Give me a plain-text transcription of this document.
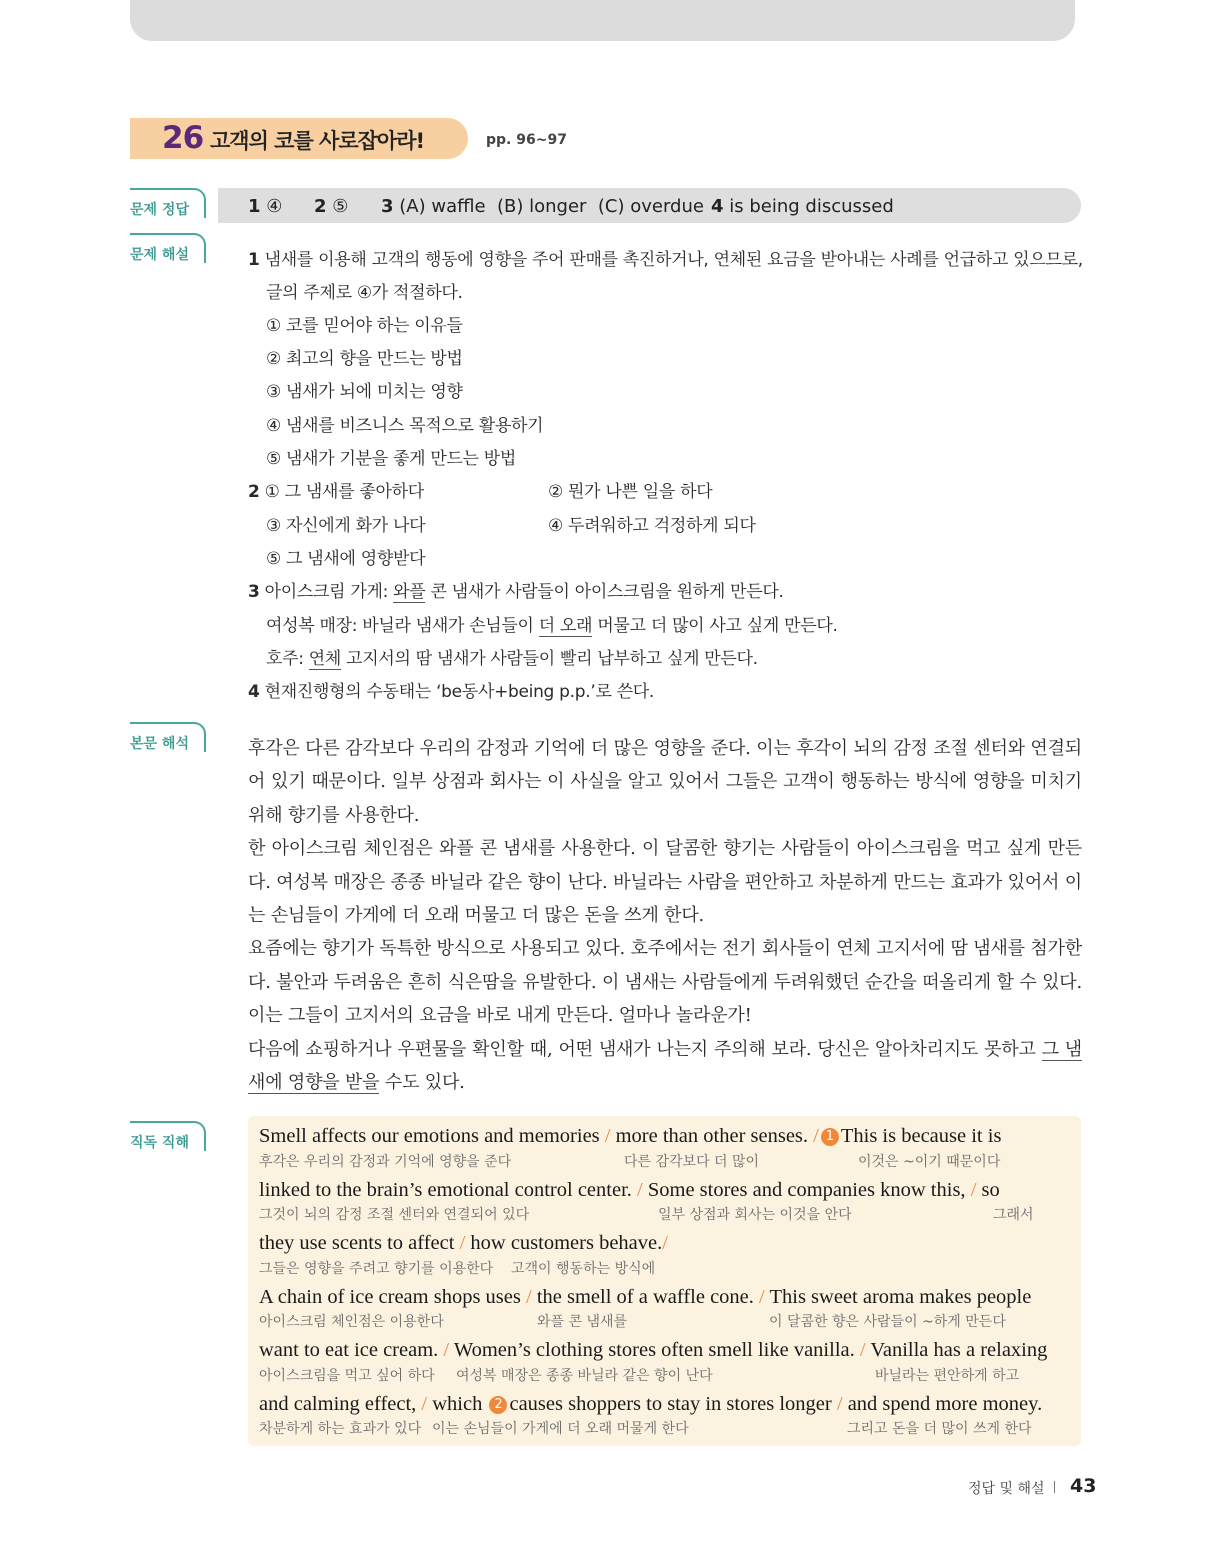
26 고객의 코를 사로잡아라!	pp. 96~97
문제 정답	1 ④ 2 ⑤ 3 (A) waffle  (B) longer  (C) overdue 4 is being discussed
문제 해설	1 냄새를 이용해 고객의 행동에 영향을 주어 판매를 촉진하거나, 연체된 요금을 받아내는 사례를 언급하고 있으므로,
글의 주제로 ④가 적절하다.
① 코를 믿어야 하는 이유들
② 최고의 향을 만드는 방법
③ 냄새가 뇌에 미치는 영향
④ 냄새를 비즈니스 목적으로 활용하기
⑤ 냄새가 기분을 좋게 만드는 방법
2 ① 그 냄새를 좋아하다	② 뭔가 나쁜 일을 하다
③ 자신에게 화가 나다	④ 두려워하고 걱정하게 되다
⑤ 그 냄새에 영향받다
3 아이스크림 가게: 와플 콘 냄새가 사람들이 아이스크림을 원하게 만든다.
여성복 매장: 바닐라 냄새가 손님들이 더 오래 머물고 더 많이 사고 싶게 만든다.
호주: 연체 고지서의 땀 냄새가 사람들이 빨리 납부하고 싶게 만든다.
4 현재진행형의 수동태는 ‘be동사+being p.p.’로 쓴다.
본문 해석	후각은 다른 감각보다 우리의 감정과 기억에 더 많은 영향을 준다. 이는 후각이 뇌의 감정 조절 센터와 연결되어 있기 때문이다. 일부 상점과 회사는 이 사실을 알고 있어서 그들은 고객이 행동하는 방식에 영향을 미치기 위해 향기를 사용한다.

한 아이스크림 체인점은 와플 콘 냄새를 사용한다. 이 달콤한 향기는 사람들이 아이스크림을 먹고 싶게 만든다. 여성복 매장은 종종 바닐라 같은 향이 난다. 바닐라는 사람을 편안하고 차분하게 만드는 효과가 있어서 이는 손님들이 가게에 더 오래 머물고 더 많은 돈을 쓰게 한다.

요즘에는 향기가 독특한 방식으로 사용되고 있다. 호주에서는 전기 회사들이 연체 고지서에 땀 냄새를 첨가한다. 불안과 두려움은 흔히 식은땀을 유발한다. 이 냄새는 사람들에게 두려워했던 순간을 떠올리게 할 수 있다. 이는 그들이 고지서의 요금을 바로 내게 만든다. 얼마나 놀라운가!

다음에 쇼핑하거나 우편물을 확인할 때, 어떤 냄새가 나는지 주의해 보라. 당신은 알아차리지도 못하고 그 냄새에 영향을 받을 수도 있다.

직독 직해	Smell affects our emotions and memories / more than other senses. / 1 This is because it is
후각은 우리의 감정과 기억에 영향을 준다	다른 감각보다 더 많이	이것은 ~이기 때문이다
linked to the brain’s emotional control center. / Some stores and companies know this, / so
그것이 뇌의 감정 조절 센터와 연결되어 있다	일부 상점과 회사는 이것을 안다	그래서
they use scents to affect / how customers behave./
그들은 영향을 주려고 향기를 이용한다 고객이 행동하는 방식에
A chain of ice cream shops uses / the smell of a waffle cone. / This sweet aroma makes people
아이스크림 체인점은 이용한다	와플 콘 냄새를	이 달콤한 향은 사람들이 ~하게 만든다
want to eat ice cream. / Women’s clothing stores often smell like vanilla. / Vanilla has a relaxing
아이스크림을 먹고 싶어 하다 여성복 매장은 종종 바닐라 같은 향이 난다	바닐라는 편안하게 하고
and calming effect, / which 2 causes shoppers to stay in stores longer / and spend more money.
차분하게 하는 효과가 있다 이는 손님들이 가게에 더 오래 머물게 한다	그리고 돈을 더 많이 쓰게 한다
정답 및 해설 43
